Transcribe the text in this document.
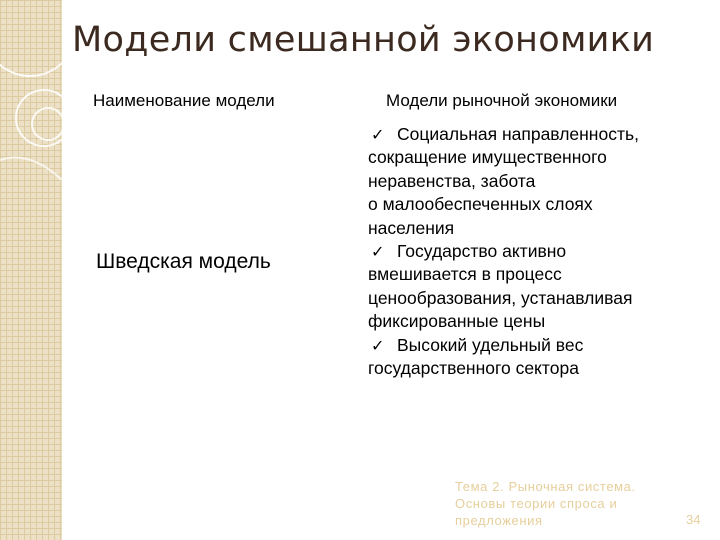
Модели смешанной экономики
Наименование модели	Модели рыночной экономики
Шведская модель
✓ Социальная направленность,
сокращение имущественного
неравенства, забота
о малообеспеченных слоях
населения
✓ Государство активно
вмешивается в процесс
ценообразования, устанавливая
фиксированные цены
✓ Высокий удельный вес
государственного сектора
Тема 2. Рыночная система.
Основы теории спроса и
предложения	34
